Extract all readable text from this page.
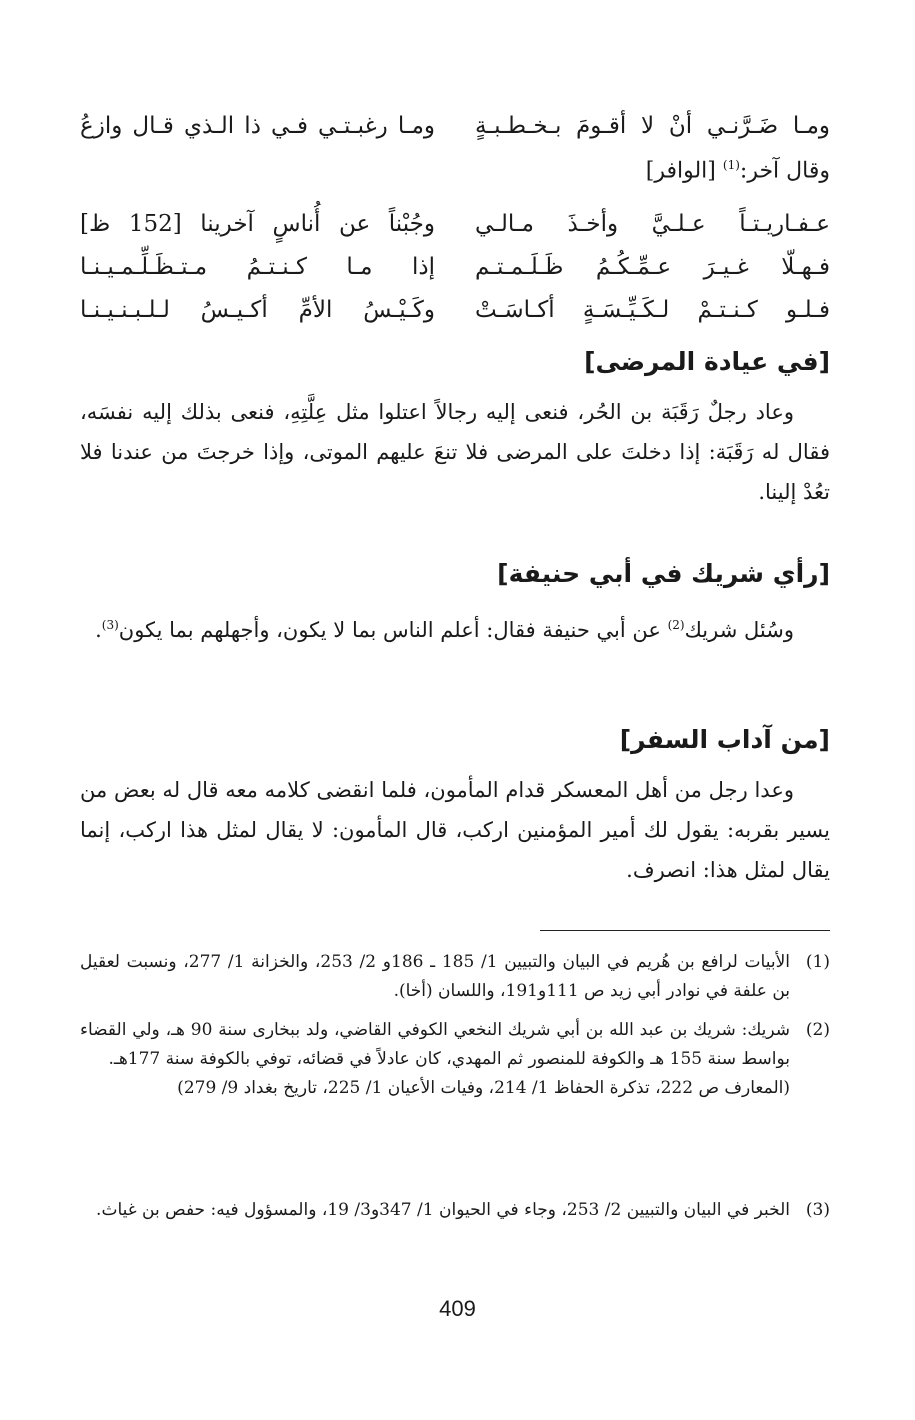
ومـا ضَـرَّنـي أنْ لا أقـومَ بـخـطـبـةٍ
ومـا رغبـتـي فـي ذا الـذي قـال وازعُ
وقال آخر:$^{(1)}$ [الوافر]
عـفـاريـتـاً عـلـيَّ وأخـذَ مـالـي
وجُبْناً عن أُناسٍ آخرينا [152 ظ]
فـهـلّا غـيـرَ عـمِّـكُـمُ ظَـلَـمـتـم
إذا مـا كـنـتـمُ مـتـظَـلِّـمـيـنـا
فـلـو كـنـتـمْ لـكَـيِّـسَـةٍ أكـاسَـتْ
وكَـيْـسُ الأمِّ أكـيـسُ لـلـبـنـيـنـا
[في عيادة المرضى]

وعاد رجلٌ رَقَبَة بن الحُر، فنعى إليه رجالاً اعتلوا مثل عِلَّتِهِ، فنعى بذلك إليه نفسَه، فقال له رَقَبَة: إذا دخلتَ على المرضى فلا تنعَ عليهم الموتى، وإذا خرجتَ من عندنا فلا تعُدْ إلينا.

[رأي شريك في أبي حنيفة]

وسُئل شريك$^{(2)}$ عن أبي حنيفة فقال: أعلم الناس بما لا يكون، وأجهلهم بما يكون$^{(3)}$.

[من آداب السفر]

وعدا رجل من أهل المعسكر قدام المأمون، فلما انقضى كلامه معه قال له بعض من يسير بقربه: يقول لك أمير المؤمنين اركب، قال المأمون: لا يقال لمثل هذا اركب، إنما يقال لمثل هذا: انصرف.

(1)
الأبيات لرافع بن هُريم في البيان والتبيين 1/ 185 ـ 186و 2/ 253، والخزانة 1/ 277، ونسبت لعقيل بن علفة في نوادر أبي زيد ص 111و191، واللسان (أخا).
(2)
شريك: شريك بن عبد الله بن أبي شريك النخعي الكوفي القاضي، ولد ببخارى سنة 90 هـ، ولي القضاء بواسط سنة 155 هـ والكوفة للمنصور ثم المهدي، كان عادلاً في قضائه، توفي بالكوفة سنة 177هـ.
(المعارف ص 222، تذكرة الحفاظ 1/ 214، وفيات الأعيان 1/ 225، تاريخ بغداد 9/ 279)
(3)
الخبر في البيان والتبيين 2/ 253، وجاء في الحيوان 1/ 347و3/ 19، والمسؤول فيه: حفص بن غياث.
409
